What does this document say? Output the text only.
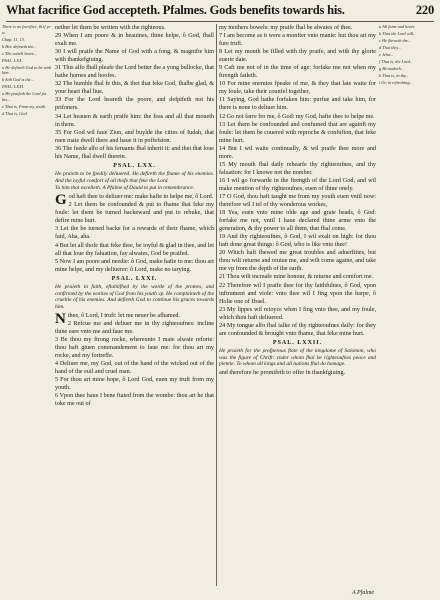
What facrifice God accepteth. Pfalmes. Gods benefits towards his.	220

There is no facrifice, & if ye w.

Chap. 11. 13.

b Hee defineth the...

c The cattell heare...

PSAL. LXX.

a He defireth God to be with him.

b Sith God is the...

PSAL. LXXI.

a He praifeth the Lord for his...

c That is, From my youth.

d That is, God.

nether let them be written with the righteous.

29 When I am poore & in heauines, thine helpe, ô God, fhall exalt me.

30 I will praife the Name of God with a fong, & magnifie him with thankefgiuing.

31 This alfo fhall pleafe the Lord better the a yong bullocke, that hathe hornes and hoofes.

32 The humble fhal fe this, & thei that feke God, fhalbe glad, & your heart fhal liue.

33 For the Lord heareth the poore, and defpifeth not his prifoners.

34 Let heauen & earth praife him: the feas and all that moueth in them.

35 For God wil faue Zion, and buylde the cities of Iudah, that men maie dwell there and haue it in poffefsion.

36 The feede alfo of his feruants fhal inherit it: and thei that loue his Name, fhal dwell therein.

PSAL. LXX.

He praieth to be fpedily deliuered. He defireth the fhame of his enemies. And the ioyful comfort of all thofe that feke the Lord.

To him that excelleth. A Pfalme of Dauid to put in remembrance.

God haft thee to deliuer me: make hafte to helpe me, ô Lord.

2 Let them be confounded & put to fhame that feke my foule: let them be turned backeward and put to rebuke, that defire mine hurt.

3 Let the be turned backe for a rewarde of their fhame, which faid, Aha, aha.

4 But let all thofe that feke thee, be ioyful & glad in thee, and let all that loue thy faluation, fay alwaies, God be praifed.

5 Now I am poore and needie: ô God, make hafte to me: thou art mine helpe, and my deliuerer: ô Lord, make no tarying.

PSAL. LXXI.

He praieth in faith, eftablifhed by the worde of the promes, and confirmed by the workes of God from his youth vp. He complaineth of the crueltie of his enemies. And defireth God to continue his graces towards him.

N thee, ô Lord, I truft: let me neuer be afhamed.

2 Refcue me and deliuer me in thy righteoufnes: incline thine eare vnto me and faue me.

3 Be thou my ftrong rocke, whereunto I maie alwaie reforte: thou haft giuen commandement to faue me: for thou art my rocke, and my fortreffe.

4 Deliuer me, my God, out of the hand of the wicked out of the hand of the euil and cruel man.

5 For thou art mine hope, ô Lord God, euen my truft from my youth.

6 Vpon thee haue I bene ftaied from the wombe: thou art he that toke me out of

my mothers bowels: my praife fhal be alwaies of thee.

7 I am become as it were a monfter vnto manie: but thou art my fure truft.

8 Let my mouth be filled with thy praife, and with thy glorie euerie daie.

9 Caft me not of in the time of age: forfake me not when my ftrength faileth.

10 For mine enemies fpeake of me, & they that laie waite for my foule, take their counfel together,

11 Saying, God hathe forfaken him: purfue and take him, for there is none to deliuer him.

12 Go not farre fro me, ô God: my God, hafte thee to helpe me.

13 Let them be confounded and confumed that are againft my foule: let them be couered with reproche & confufion, that feke mine hurt.

14 But I wil waite continually, & wil praife thee more and more.

15 My mouth fhal daily rehearfe thy righteoufnes, and thy faluation: for I knowe not the nomber.

16 I wil go forwarde in the ftrength of the Lord God, and wil make mention of thy righteoufnes, euen of thine onely.

17 O God, thou haft taught me from my youth euen vntil now: therefore wil I tel of thy wonderous workes,

18 Yea, euen vnto mine olde age and graie heads, ô God: forfake me not, vntil I haue declared thine arme vnto the generation, & thy power to all them, that fhal come.

19 And thy righteoufnes, ô God, I wil exalt on high: for thou haft done great things: ô God, who is like vnto thee!

20 Which haft fhewed me great troubles and aduerfities, but thou wilt returne and reuiue me, and wilt come againe, and take me vp from the depth of the earth.

21 Thou wilt increafe mine honour, & returne and comfort me.

22 Therefore wil I praife thee for thy faithfulnes, ô God, vpon inftrument and viole: vnto thee wil I fing vpon the harpe, ô Holie one of Ifrael.

23 My lippes wil reioyce when I fing vnto thee, and my foule, which thou haft deliuered.

24 My tongue alfo fhal talke of thy righteoufnes daily: for they are confounded & brought vnto fhame, that feke mine hurt.

PSAL. LXXII.

He praieth for the profperous ftate of the kingdome of Salomon, who was the figure of Chrift: vnder whom fhal be righteoufnes peace and plentie. To whom all kings and all nations fhal do homage.

and therefore he promifeth to offer in thankfgiuing.

a All fame and heart.

b That the Lord will..

c He fheweth the...

d That they...

e Jehu...

f That is, the Lord..

g He maketh..

h That is, in thy..

i Or, in refreshing..

A Pfalme
